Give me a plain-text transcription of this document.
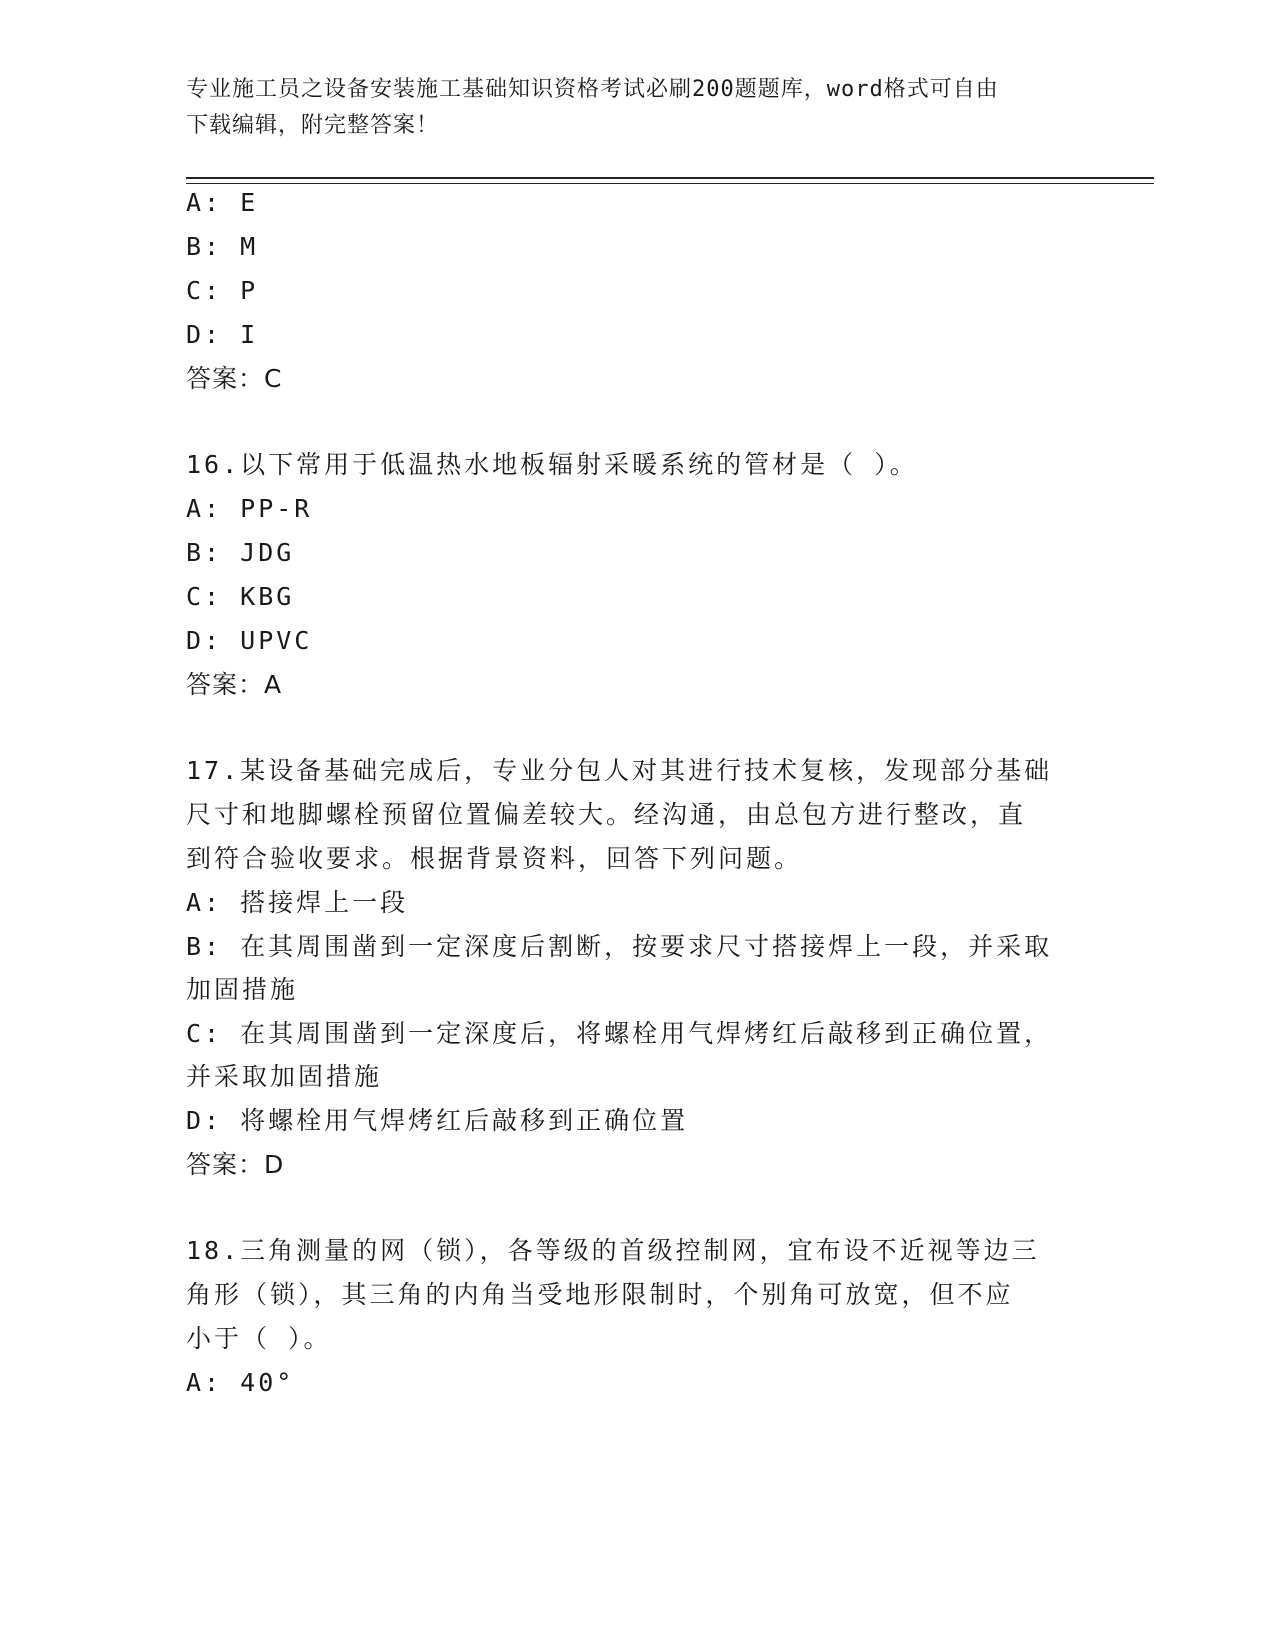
专业施工员之设备安装施工基础知识资格考试必刷200题题库，word格式可自由
下载编辑，附完整答案！
A: E
B: M
C: P
D: I
答案：C
16.以下常用于低温热水地板辐射采暖系统的管材是（ ）。
A: PP-R
B: JDG
C: KBG
D: UPVC
答案：A
17.某设备基础完成后，专业分包人对其进行技术复核，发现部分基础
尺寸和地脚螺栓预留位置偏差较大。经沟通，由总包方进行整改，直
到符合验收要求。根据背景资料，回答下列问题。
A: 搭接焊上一段
B: 在其周围凿到一定深度后割断，按要求尺寸搭接焊上一段，并采取
加固措施
C: 在其周围凿到一定深度后，将螺栓用气焊烤红后敲移到正确位置，
并采取加固措施
D: 将螺栓用气焊烤红后敲移到正确位置
答案：D
18.三角测量的网（锁），各等级的首级控制网，宜布设不近视等边三
角形（锁），其三角的内角当受地形限制时，个别角可放宽，但不应
小于（ ）。
A: 40°
